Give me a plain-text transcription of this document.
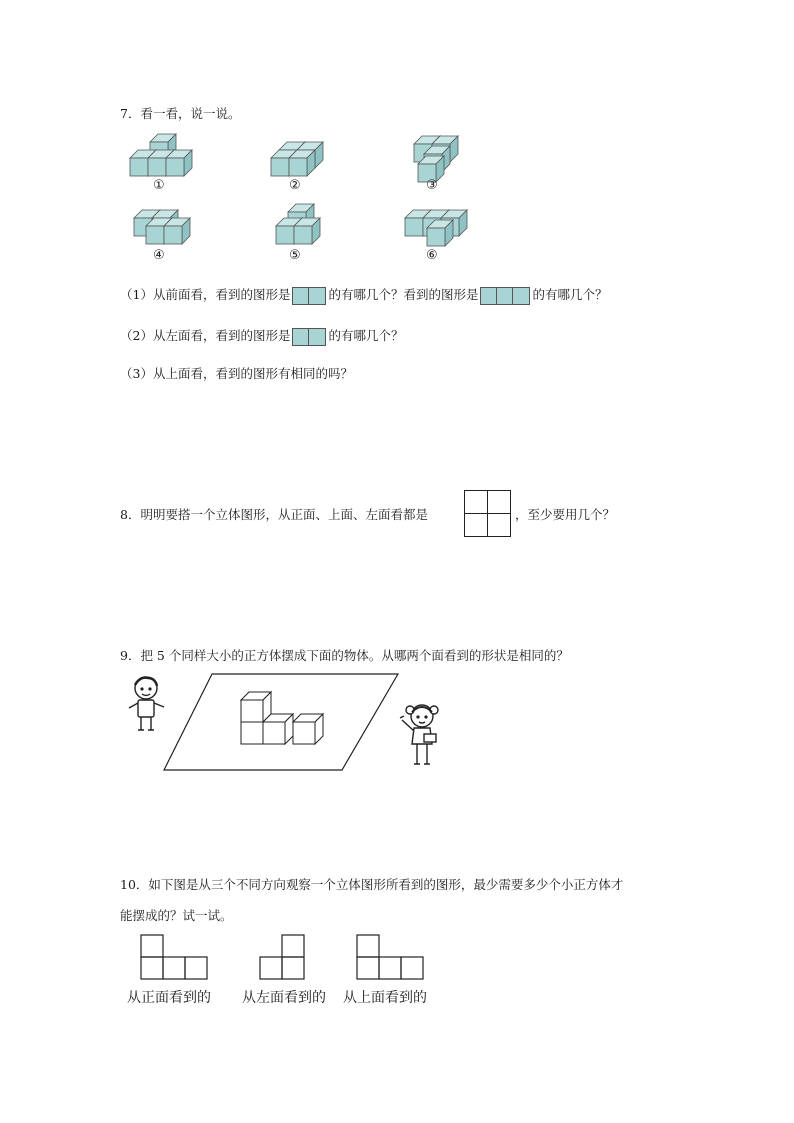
7．看一看，说一说。
①	②	③
④	⑤	⑥
（1）从前面看，看到的图形是	的有哪几个？看到的图形是	的有哪几个？
（2）从左面看，看到的图形是	的有哪几个？
（3）从上面看，看到的图形有相同的吗？
8．明明要搭一个立体图形，从正面、上面、左面看都是	，至少要用几个？
9．把 5 个同样大小的正方体摆成下面的物体。从哪两个面看到的形状是相同的？
10．如下图是从三个不同方向观察一个立体图形所看到的图形，最少需要多少个小正方体才
能摆成的？试一试。
从正面看到的 从左面看到的 从上面看到的
